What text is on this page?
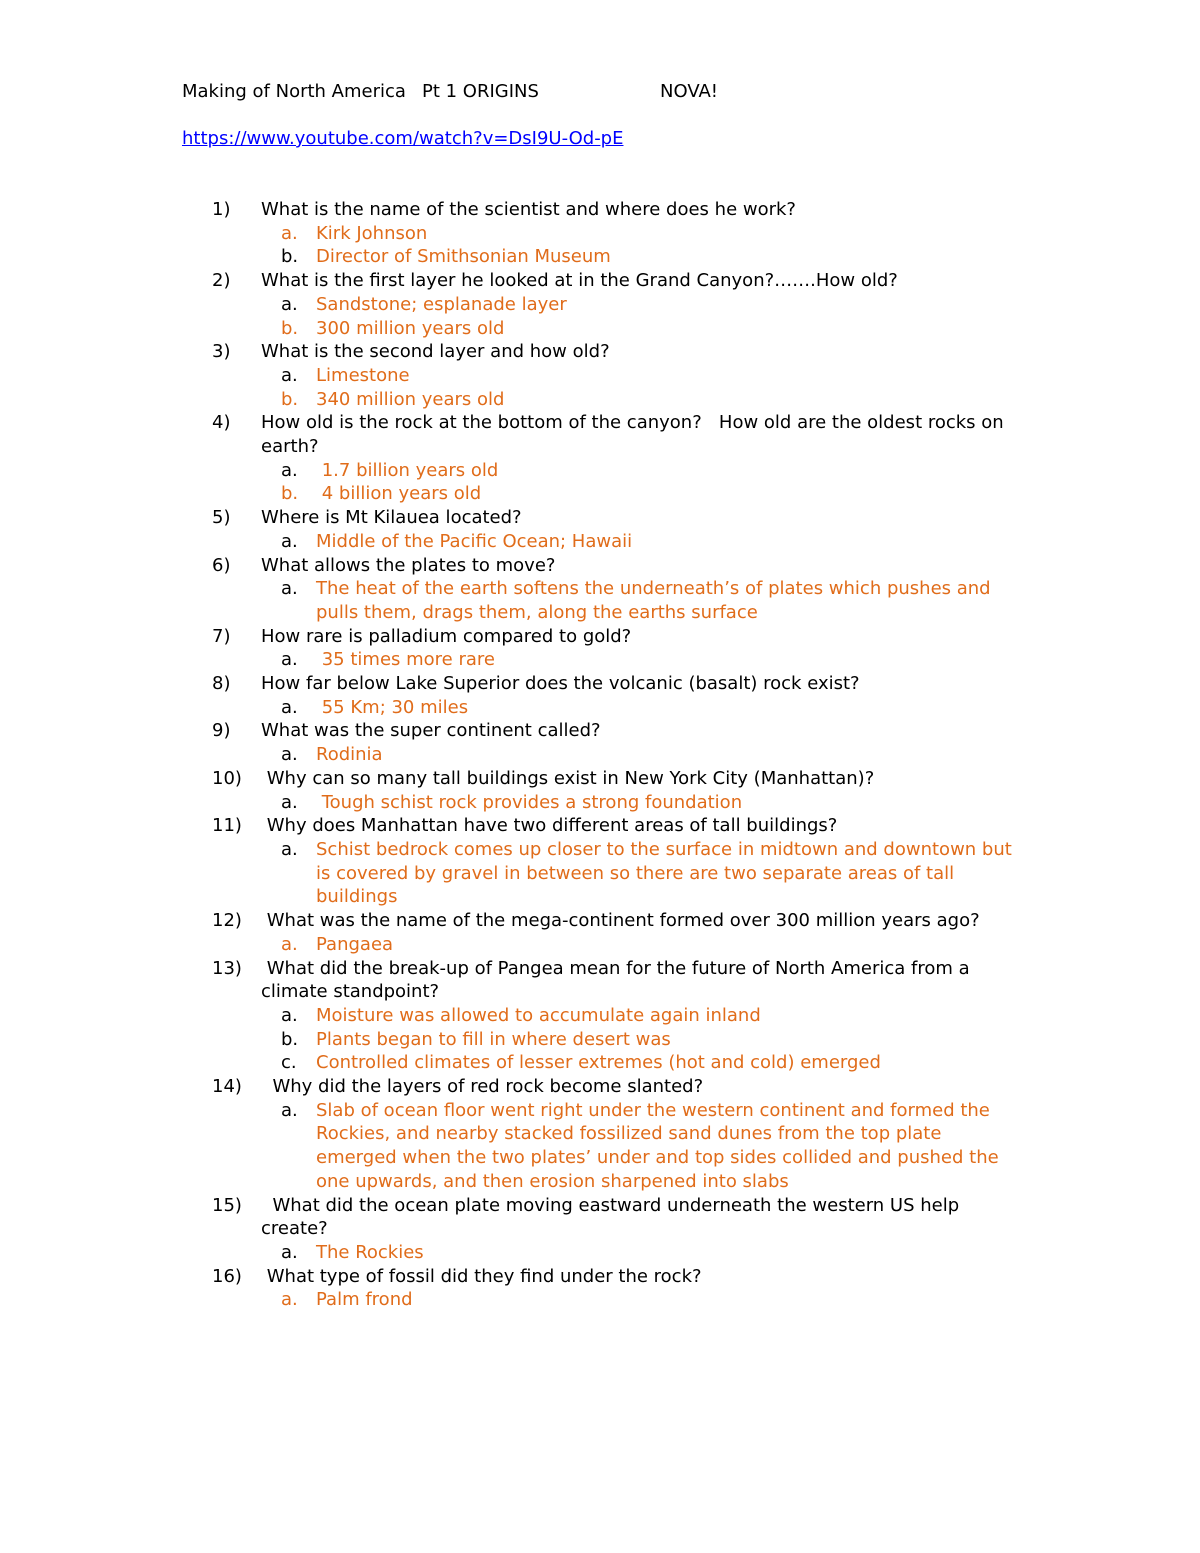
Making of North America Pt 1 ORIGINS	NOVA!
https://www.youtube.com/watch?v=DsI9U-Od-pE
1) What is the name of the scientist and where does he work?
a. Kirk Johnson
b. Director of Smithsonian Museum
2) What is the first layer he looked at in the Grand Canyon?…….How old?
a. Sandstone; esplanade layer
b. 300 million years old
3) What is the second layer and how old?
a. Limestone
b. 340 million years old
4) How old is the rock at the bottom of the canyon?   How old are the oldest rocks on earth?
a. 1.7 billion years old
b. 4 billion years old
5) Where is Mt Kilauea located?
a. Middle of the Pacific Ocean; Hawaii
6) What allows the plates to move?
a. The heat of the earth softens the underneath’s of plates which pushes and pulls them, drags them, along the earths surface
7) How rare is palladium compared to gold?
a. 35 times more rare
8) How far below Lake Superior does the volcanic (basalt) rock exist?
a. 55 Km; 30 miles
9) What was the super continent called?
a. Rodinia
10) Why can so many tall buildings exist in New York City (Manhattan)?
a. Tough schist rock provides a strong foundation
11) Why does Manhattan have two different areas of tall buildings?
a. Schist bedrock comes up closer to the surface in midtown and downtown but is covered by gravel in between so there are two separate areas of tall buildings
12) What was the name of the mega-continent formed over 300 million years ago?
a. Pangaea
13) What did the break-up of Pangea mean for the future of North America from a climate standpoint?
a. Moisture was allowed to accumulate again inland
b. Plants began to fill in where desert was
c. Controlled climates of lesser extremes (hot and cold) emerged
14) Why did the layers of red rock become slanted?
a. Slab of ocean floor went right under the western continent and formed the Rockies, and nearby stacked fossilized sand dunes from the top plate emerged when the two plates’ under and top sides collided and pushed the one upwards, and then erosion sharpened into slabs
15) What did the ocean plate moving eastward underneath the western US help create?
a. The Rockies
16) What type of fossil did they find under the rock?
a. Palm frond
